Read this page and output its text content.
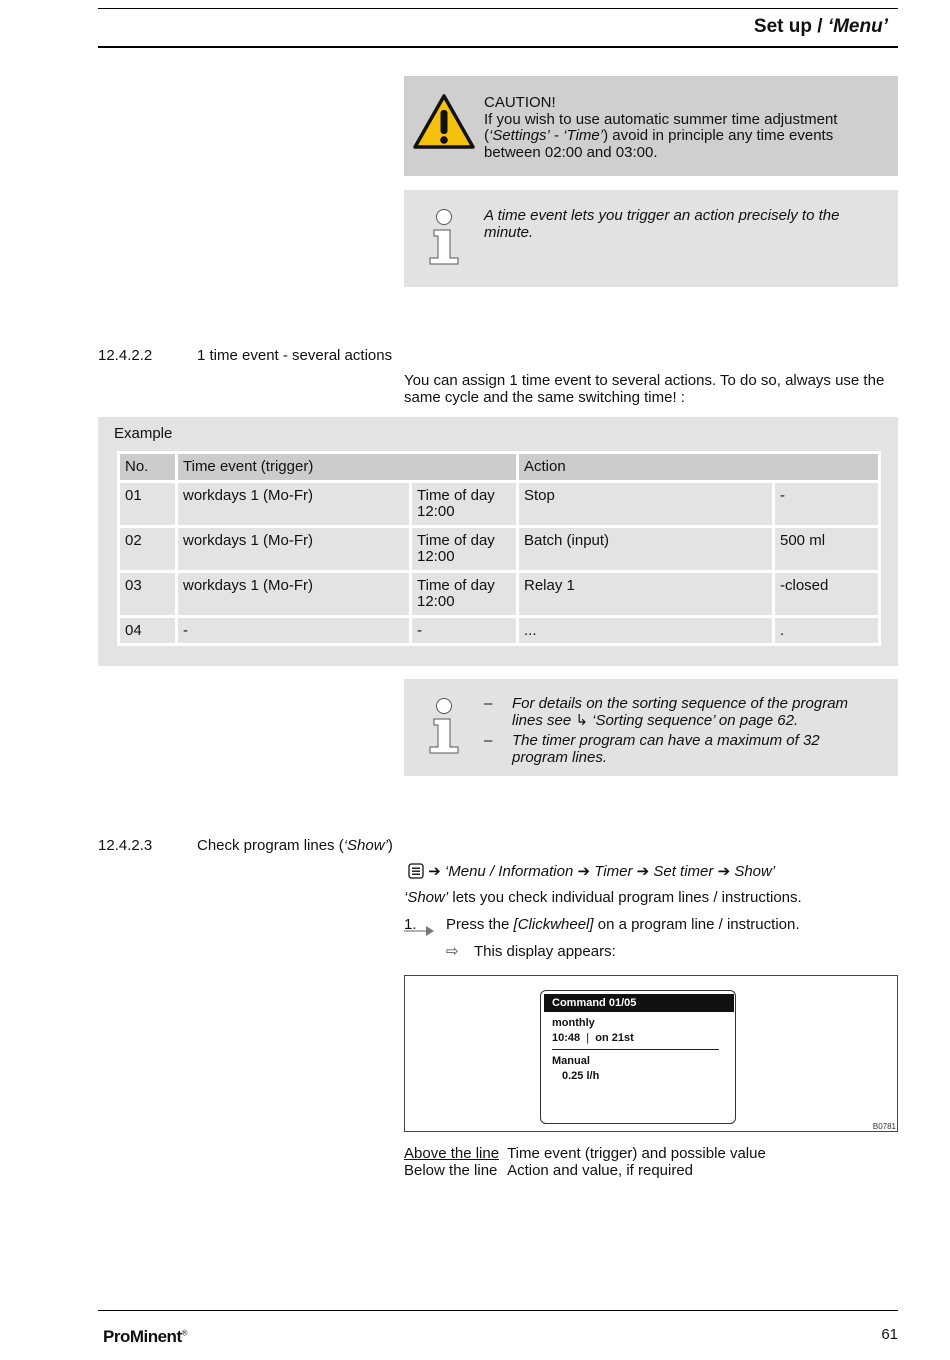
Set up / ‘Menu’
CAUTION!
If you wish to use automatic summer time adjustment (‘Settings’ - ‘Time’) avoid in principle any time events between 02:00 and 03:00.
A time event lets you trigger an action precisely to the minute.
12.4.2.2	1 time event - several actions
You can assign 1 time event to several actions. To do so, always use the same cycle and the same switching time! :
Example
No.	Time event (trigger)		Action	
01	workdays 1 (Mo-Fr)	Time of day 12:00	Stop	-
02	workdays 1 (Mo-Fr)	Time of day 12:00	Batch (input)	500 ml
03	workdays 1 (Mo-Fr)	Time of day 12:00	Relay 1	-closed
04	-	-	...	.
– For details on the sorting sequence of the program lines see ↳ ‘Sorting sequence’ on page 62.
– The timer program can have a maximum of 32 program lines.
12.4.2.3	Check program lines (‘Show’)
➔ ‘Menu / Information ➔ Timer ➔ Set timer ➔ Show’
‘Show’ lets you check individual program lines / instructions.
1. Press the [Clickwheel] on a program line / instruction.
⇨ This display appears:
Command 01/05
monthly
10:48  |  on 21st
Manual
0.25 l/h
B0781
Above the line	Time event (trigger) and possible value
Below the line	Action and value, if required
ProMinent®	61
